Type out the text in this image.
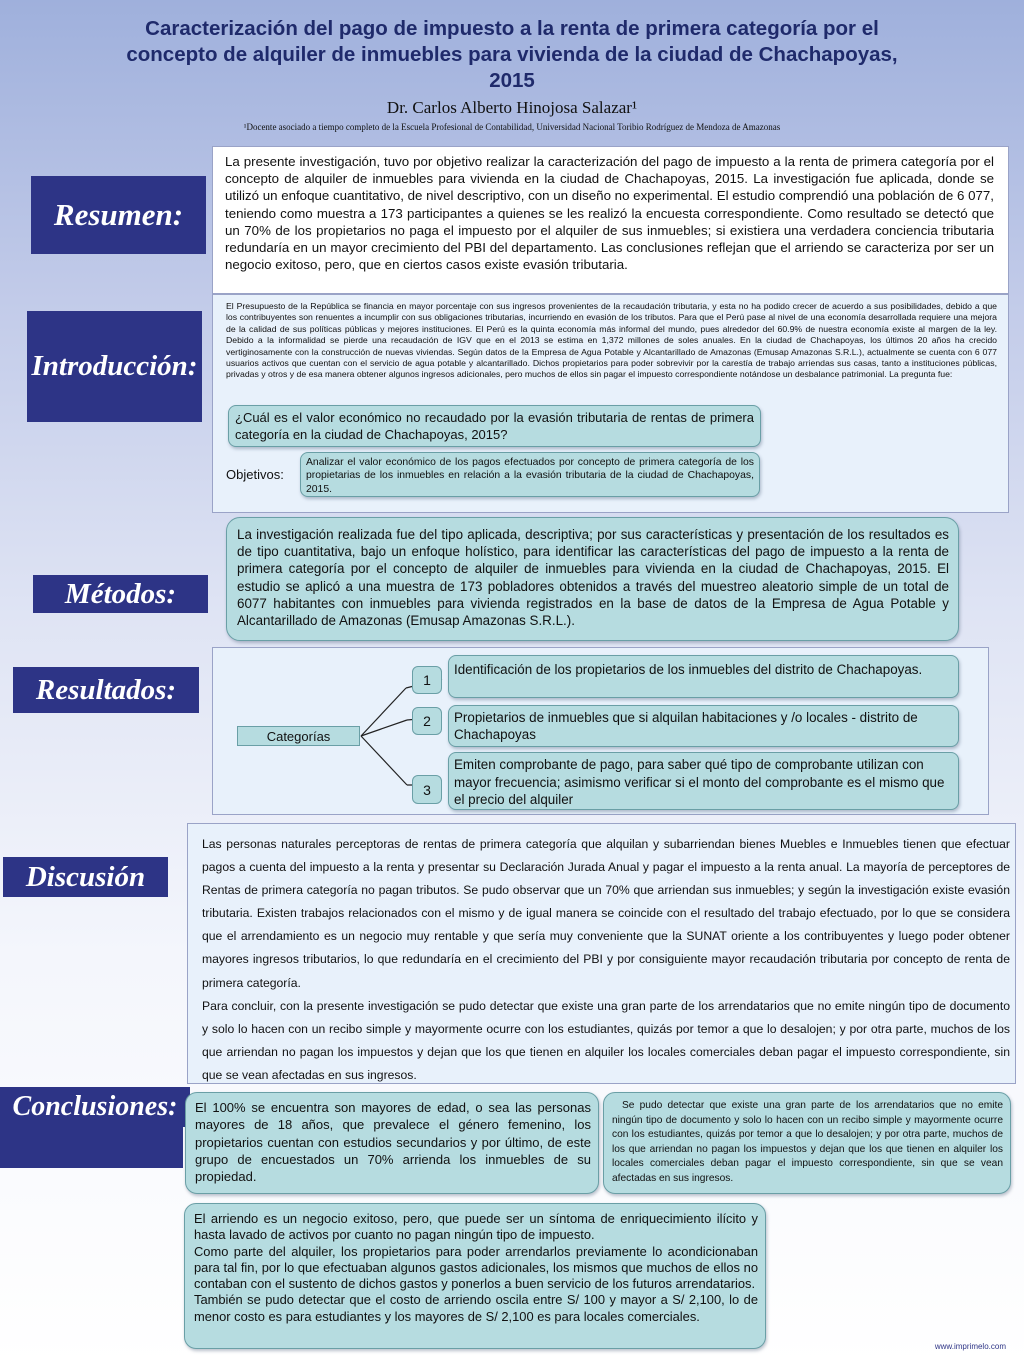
Caracterización del pago de impuesto a la renta de primera categoría por el
concepto de alquiler de inmuebles para vivienda de la ciudad de Chachapoyas,
2015
Dr. Carlos Alberto Hinojosa Salazar¹
¹Docente asociado a tiempo completo de la Escuela Profesional de Contabilidad, Universidad Nacional Toribio Rodríguez de Mendoza de Amazonas
Resumen:
La presente investigación, tuvo por objetivo realizar la caracterización del pago de impuesto a la renta de primera categoría por el concepto de alquiler de inmuebles para vivienda en la ciudad de Chachapoyas, 2015. La investigación fue aplicada, donde se utilizó un enfoque cuantitativo, de nivel descriptivo, con un diseño no experimental. El estudio comprendió una población de 6 077, teniendo como muestra a 173 participantes a quienes se les realizó la encuesta correspondiente. Como resultado se detectó que un 70% de los propietarios no paga el impuesto por el alquiler de sus inmuebles; si existiera una verdadera conciencia tributaria redundaría en un mayor crecimiento del PBI del departamento. Las conclusiones reflejan que el arriendo se caracteriza por ser un negocio exitoso, pero, que en ciertos casos existe evasión tributaria.
Introducción:
El Presupuesto de la República se financia en mayor porcentaje con sus ingresos provenientes de la recaudación tributaria, y esta no ha podido crecer de acuerdo a sus posibilidades, debido a que los contribuyentes son renuentes a incumplir con sus obligaciones tributarias, incurriendo en evasión de los tributos. Para que el Perú pase al nivel de una economía desarrollada requiere una mejora de la calidad de sus políticas públicas y mejores instituciones. El Perú es la quinta economía más informal del mundo, pues alrededor del 60.9% de nuestra economía existe al margen de la ley. Debido a la informalidad se pierde una recaudación de IGV que en el 2013 se estima en 1,372 millones de soles anuales. En la ciudad de Chachapoyas, los últimos 20 años ha crecido vertiginosamente con la construcción de nuevas viviendas. Según datos de la Empresa de Agua Potable y Alcantarillado de Amazonas (Emusap Amazonas S.R.L.), actualmente se cuenta con 6 077 usuarios activos que cuentan con el servicio de agua potable y alcantarillado. Dichos propietarios para poder sobrevivir por la carestía de trabajo arriendas sus casas, tanto a instituciones públicas, privadas y otros y de esa manera obtener algunos ingresos adicionales, pero muchos de ellos sin pagar el impuesto correspondiente notándose un desbalance patrimonial. La pregunta fue:
¿Cuál es el valor económico no recaudado por la evasión tributaria de rentas de primera categoría en la ciudad de Chachapoyas, 2015?
Objetivos:
Analizar el valor económico de los pagos efectuados por concepto de primera categoría de los propietarias de los inmuebles en relación a la evasión tributaria de la ciudad de Chachapoyas, 2015.
Métodos:
La investigación realizada fue del tipo aplicada, descriptiva; por sus características y presentación de los resultados es de tipo cuantitativa, bajo un enfoque holístico, para identificar las características del pago de impuesto a la renta de primera categoría por el concepto de alquiler de inmuebles para vivienda en la ciudad de Chachapoyas, 2015. El estudio se aplicó a una muestra de 173 pobladores obtenidos a través del muestreo aleatorio simple de un total de 6077 habitantes con inmuebles para vivienda registrados en la base de datos de la Empresa de Agua Potable y Alcantarillado de Amazonas (Emusap Amazonas S.R.L.).
Resultados:
Categorías
1
Identificación de los propietarios de los inmuebles del distrito de Chachapoyas.
2	Propietarios de inmuebles que si alquilan habitaciones y /o locales - distrito de Chachapoyas
3
Emiten comprobante de pago, para saber qué tipo de comprobante utilizan con mayor frecuencia; asimismo verificar si el monto del comprobante es el mismo que el precio del alquiler
Discusión
Las personas naturales perceptoras de rentas de primera categoría que alquilan y subarriendan bienes Muebles e Inmuebles tienen que efectuar pagos a cuenta del impuesto a la renta y presentar su Declaración Jurada Anual y pagar el impuesto a la renta anual. La mayoría de perceptores de Rentas de primera categoría no pagan tributos. Se pudo observar que un 70% que arriendan sus inmuebles; y según la investigación existe evasión tributaria. Existen trabajos relacionados con el mismo y de igual manera se coincide con el resultado del trabajo efectuado, por lo que se considera que el arrendamiento es un negocio muy rentable y que sería muy conveniente que la SUNAT oriente a los contribuyentes y luego poder obtener mayores ingresos tributarios, lo que redundaría en el crecimiento del PBI y por consiguiente mayor recaudación tributaria por concepto de renta de primera categoría.
Para concluir, con la presente investigación se pudo detectar que existe una gran parte de los arrendatarios que no emite ningún tipo de documento y solo lo hacen con un recibo simple y mayormente ocurre con los estudiantes, quizás por temor a que lo desalojen; y por otra parte, muchos de los que arriendan no pagan los impuestos y dejan que los que tienen en alquiler los locales comerciales deban pagar el impuesto correspondiente, sin que se vean afectadas en sus ingresos.
Conclusiones:	El 100% se encuentra son mayores de edad, o sea las personas mayores de 18 años, que prevalece el género femenino, los propietarios cuentan con estudios secundarios y por último, de este grupo de encuestados un 70% arrienda los inmuebles de su propiedad.
Se pudo detectar que existe una gran parte de los arrendatarios que no emite ningún tipo de documento y solo lo hacen con un recibo simple y mayormente ocurre con los estudiantes, quizás por temor a que lo desalojen; y por otra parte, muchos de los que arriendan no pagan los impuestos y dejan que los que tienen en alquiler los locales comerciales deban pagar el impuesto correspondiente, sin que se vean afectadas en sus ingresos.
El arriendo es un negocio exitoso, pero, que puede ser un síntoma de enriquecimiento ilícito y hasta lavado de activos por cuanto no pagan ningún tipo de impuesto.
Como parte del alquiler, los propietarios para poder arrendarlos previamente lo acondicionaban para tal fin, por lo que efectuaban algunos gastos adicionales, los mismos que muchos de ellos no contaban con el sustento de dichos gastos y ponerlos a buen servicio de los futuros arrendatarios.
También se pudo detectar que el costo de arriendo oscila entre S/ 100 y mayor a S/ 2,100, lo de menor costo es para estudiantes y los mayores de S/ 2,100 es para locales comerciales.
www.imprimelo.com
